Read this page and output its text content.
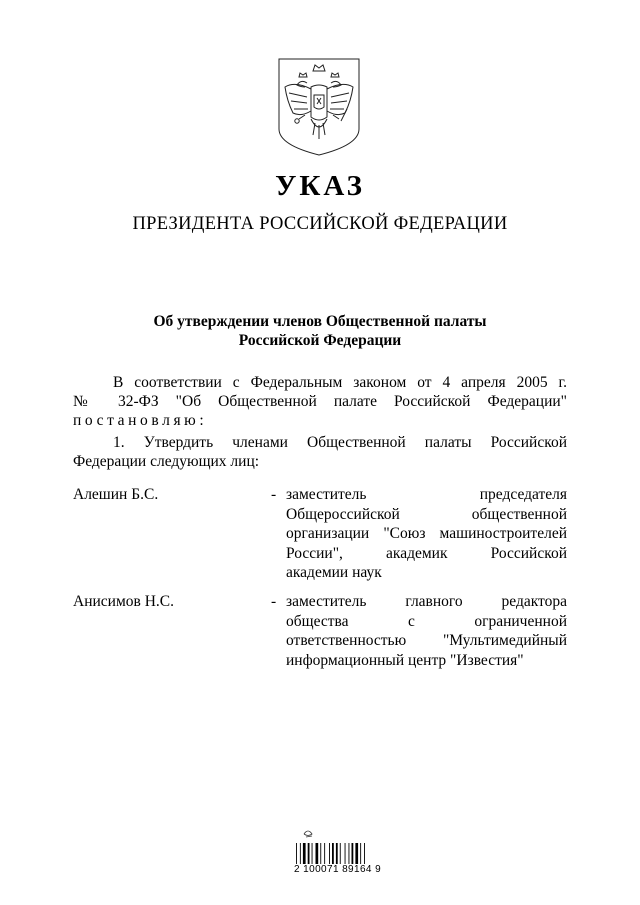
УКАЗ
ПРЕЗИДЕНТА РОССИЙСКОЙ ФЕДЕРАЦИИ
Об утверждении членов Общественной палаты
Российской Федерации
В соответствии с Федеральным законом от 4 апреля 2005 г.
№ 32-ФЗ "Об Общественной палате Российской Федерации"
постановляю:
1. Утвердить членами Общественной палаты Российской
Федерации следующих лиц:
Алешин Б.С.	- заместитель председателя
Общероссийской общественной
организации "Союз машиностроителей
России", академик Российской
академии наук
Анисимов Н.С.	- заместитель главного редактора
общества с ограниченной
ответственностью "Мультимедийный
информационный центр "Известия"
2 100071 89164 9
